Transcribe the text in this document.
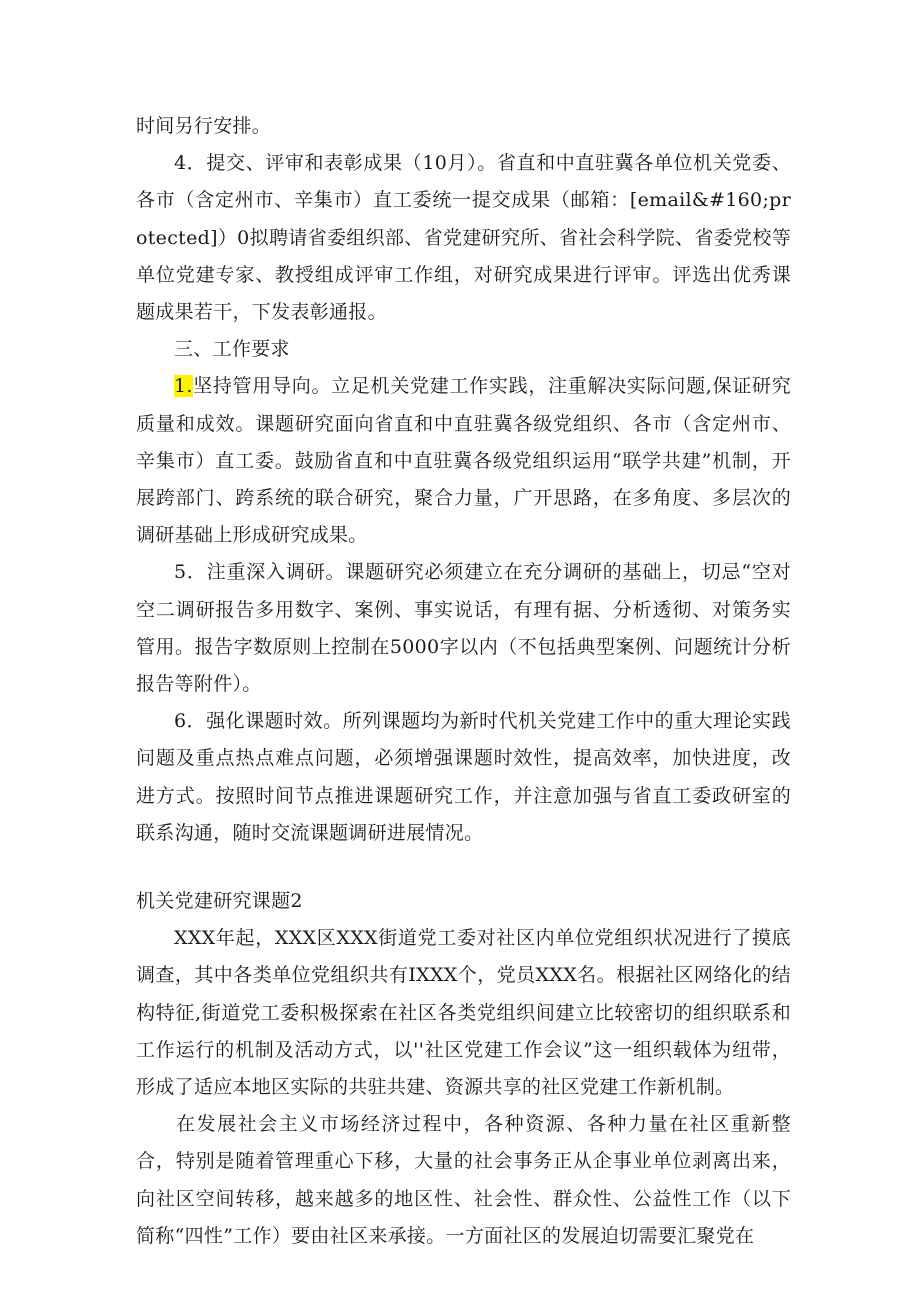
时间另行安排。

4．提交、评审和表彰成果（10月）。省直和中直驻冀各单位机关党委、各市（含定州市、辛集市）直工委统一提交成果（邮箱：[email&#160;protected]）0拟聘请省委组织部、省党建研究所、省社会科学院、省委党校等单位党建专家、教授组成评审工作组，对研究成果进行评审。评选出优秀课题成果若干，下发表彰通报。

三、工作要求

1.坚持管用导向。立足机关党建工作实践，注重解决实际问题,保证研究质量和成效。课题研究面向省直和中直驻冀各级党组织、各市（含定州市、辛集市）直工委。鼓励省直和中直驻冀各级党组织运用“联学共建”机制，开展跨部门、跨系统的联合研究，聚合力量，广开思路，在多角度、多层次的调研基础上形成研究成果。

5．注重深入调研。课题研究必须建立在充分调研的基础上，切忌“空对空二调研报告多用数字、案例、事实说话，有理有据、分析透彻、对策务实管用。报告字数原则上控制在5000字以内（不包括典型案例、问题统计分析报告等附件）。

6．强化课题时效。所列课题均为新时代机关党建工作中的重大理论实践问题及重点热点难点问题，必须增强课题时效性，提高效率，加快进度，改进方式。按照时间节点推进课题研究工作，并注意加强与省直工委政研室的联系沟通，随时交流课题调研进展情况。

机关党建研究课题2

XXX年起，XXX区XXX街道党工委对社区内单位党组织状况进行了摸底调查，其中各类单位党组织共有IXXX个，党员XXX名。根据社区网络化的结构特征,街道党工委积极探索在社区各类党组织间建立比较密切的组织联系和工作运行的机制及活动方式，以''社区党建工作会议”这一组织载体为纽带，形成了适应本地区实际的共驻共建、资源共享的社区党建工作新机制。

在发展社会主义市场经济过程中，各种资源、各种力量在社区重新整合，特别是随着管理重心下移，大量的社会事务正从企事业单位剥离出来，向社区空间转移，越来越多的地区性、社会性、群众性、公益性工作（以下简称“四性”工作）要由社区来承接。一方面社区的发展迫切需要汇聚党在
